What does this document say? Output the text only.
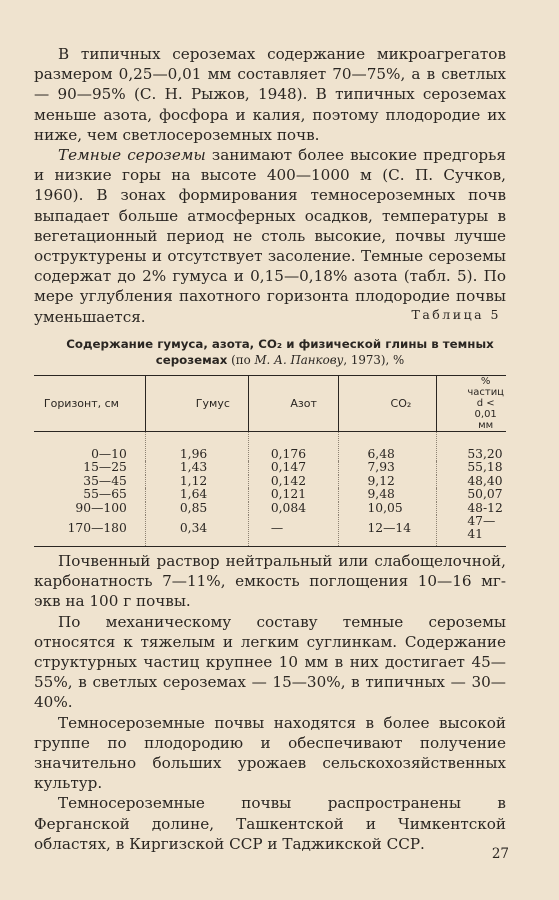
В типичных сероземах содержание микроагрегатов размером 0,25—0,01 мм составляет 70—75%, а в светлых — 90—95% (С. Н. Рыжов, 1948). В типичных сероземах меньше азота, фосфора и калия, поэтому плодородие их ниже, чем светлосероземных почв.

Темные сероземы занимают более высокие предгорья и низкие горы на высоте 400—1000 м (С. П. Сучков, 1960). В зонах формирования темносероземных почв выпадает больше атмосферных осадков, температуры в вегетационный период не столь высокие, почвы лучше оструктурены и отсутствует засоление. Темные сероземы содержат до 2% гумуса и 0,15—0,18% азота (табл. 5). По мере углубления пахотного горизонта плодородие почвы уменьшается.	Таблица 5
Содержание гумуса, азота, CO₂ и физической глины в темных сероземах (по М. А. Панкову, 1973), %
Горизонт, см	Гумус	Азот	CO₂	% частиц
d < 0,01 мм

0—10	1,96	0,176	6,48	53,20
15—25	1,43	0,147	7,93	55,18
35—45	1,12	0,142	9,12	48,40
55—65	1,64	0,121	9,48	50,07
90—100	0,85	0,084	10,05	48-12
170—180	0,34	—	12—14	47—41

Почвенный раствор нейтральный или слабощелочной, карбонатность 7—11%, емкость поглощения 10—16 мг-экв на 100 г почвы.

По механическому составу темные сероземы относятся к тяжелым и легким суглинкам. Содержание структурных частиц крупнее 10 мм в них достигает 45—55%, в светлых сероземах — 15—30%, в типичных — 30—40%.

Темносероземные почвы находятся в более высокой группе по плодородию и обеспечивают получение значительно больших урожаев сельскохозяйственных культур.

Темносероземные почвы распространены в Ферганской долине, Ташкентской и Чимкентской областях, в Киргизской ССР и Таджикской ССР.

27
